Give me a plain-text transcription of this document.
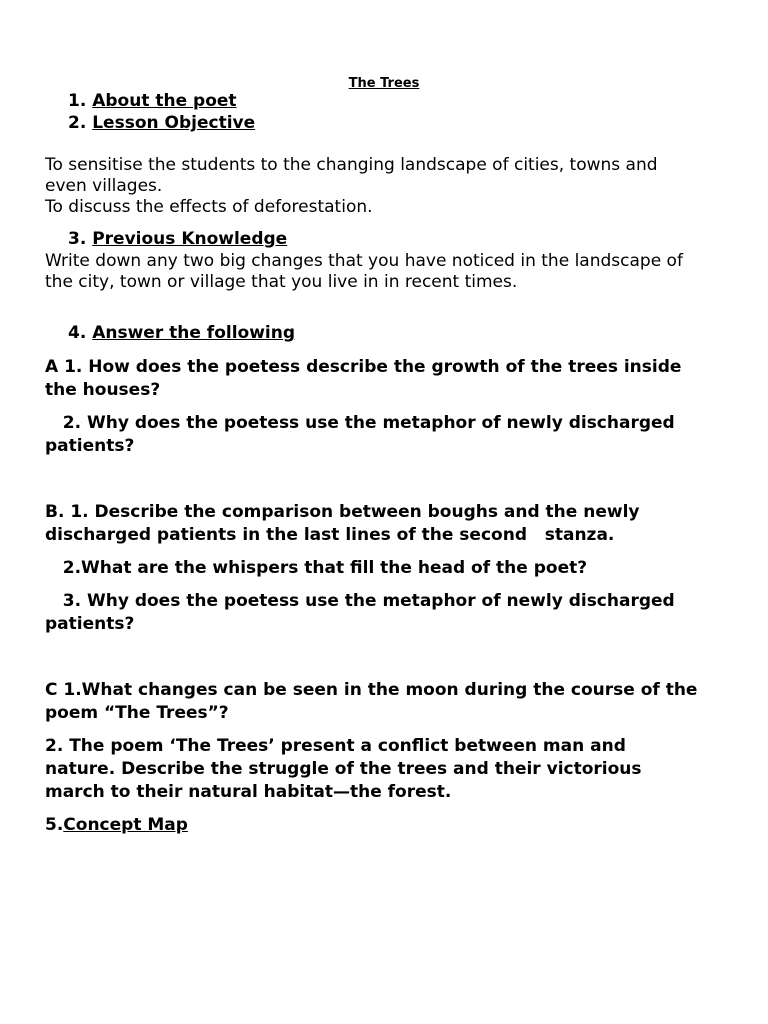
The Trees
1. About the poet
2. Lesson Objective
To sensitise the students to the changing landscape of cities, towns and
even villages.
To discuss the effects of deforestation.
3. Previous Knowledge
Write down any two big changes that you have noticed in the landscape of
the city, town or village that you live in in recent times.
4. Answer the following
A 1. How does the poetess describe the growth of the trees inside
the houses?
2. Why does the poetess use the metaphor of newly discharged
patients?
B. 1. Describe the comparison between boughs and the newly
discharged patients in the last lines of the second   stanza.
2.What are the whispers that fill the head of the poet?
3. Why does the poetess use the metaphor of newly discharged
patients?
C 1.What changes can be seen in the moon during the course of the
poem “The Trees”?
2. The poem ‘The Trees’ present a conflict between man and
nature. Describe the struggle of the trees and their victorious
march to their natural habitat—the forest.
5.Concept Map
